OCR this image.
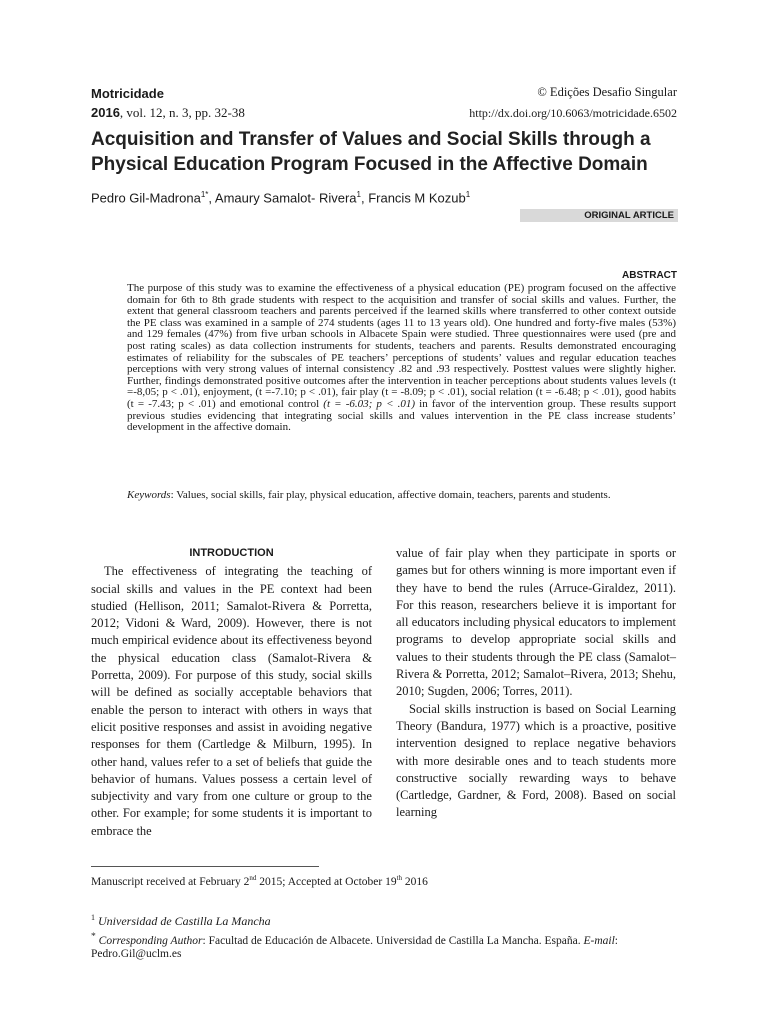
Motricidade
2016, vol. 12, n. 3, pp. 32-38
© Edições Desafio Singular
http://dx.doi.org/10.6063/motricidade.6502
Acquisition and Transfer of Values and Social Skills through a Physical Education Program Focused in the Affective Domain
Pedro Gil-Madrona$^{1*}$, Amaury Samalot- Rivera$^1$, Francis M Kozub$^1$
ORIGINAL ARTICLE
ABSTRACT
The purpose of this study was to examine the effectiveness of a physical education (PE) program focused on the affective domain for 6th to 8th grade students with respect to the acquisition and transfer of social skills and values. Further, the extent that general classroom teachers and parents perceived if the learned skills where transferred to other context outside the PE class was examined in a sample of 274 students (ages 11 to 13 years old). One hundred and forty-five males (53%) and 129 females (47%) from five urban schools in Albacete Spain were studied. Three questionnaires were used (pre and post rating scales) as data collection instruments for students, teachers and parents. Results demonstrated encouraging estimates of reliability for the subscales of PE teachers’ perceptions of students’ values and regular education teaches perceptions with very strong values of internal consistency .82 and .93 respectively. Posttest values were slightly higher. Further, findings demonstrated positive outcomes after the intervention in teacher perceptions about students values levels (t =-8,05; p < .01), enjoyment, (t =-7.10; p < .01), fair play (t = -8.09; p < .01), social relation (t = -6.48; p < .01), good habits (t = -7.43; p < .01) and emotional control (t = -6.03; p < .01) in favor of the intervention group. These results support previous studies evidencing that integrating social skills and values intervention in the PE class increase students’ development in the affective domain.
Keywords: Values, social skills, fair play, physical education, affective domain, teachers, parents and students.
INTRODUCTION

The effectiveness of integrating the teaching of social skills and values in the PE context had been studied (Hellison, 2011; Samalot-Rivera & Porretta, 2012; Vidoni & Ward, 2009). However, there is not much empirical evidence about its effectiveness beyond the physical education class (Samalot-Rivera & Porretta, 2009). For purpose of this study, social skills will be defined as socially acceptable behaviors that enable the person to interact with others in ways that elicit positive responses and assist in avoiding negative responses for them (Cartledge & Milburn, 1995). In other hand, values refer to a set of beliefs that guide the behavior of humans. Values possess a certain level of subjectivity and vary from one culture or group to the other. For example; for some students it is important to embrace the

value of fair play when they participate in sports or games but for others winning is more important even if they have to bend the rules (Arruce-Giraldez, 2011). For this reason, researchers believe it is important for all educators including physical educators to implement programs to develop appropriate social skills and values to their students through the PE class (Samalot–Rivera & Porretta, 2012; Samalot–Rivera, 2013; Shehu, 2010; Sugden, 2006; Torres, 2011).

Social skills instruction is based on Social Learning Theory (Bandura, 1977) which is a proactive, positive intervention designed to replace negative behaviors with more desirable ones and to teach students more constructive socially rewarding ways to behave (Cartledge, Gardner, & Ford, 2008). Based on social learning

Manuscript received at February 2nd 2015; Accepted at October 19th 2016
$^1$ Universidad de Castilla La Mancha
* Corresponding Author: Facultad de Educación de Albacete. Universidad de Castilla La Mancha. España. E-mail: Pedro.Gil@uclm.es
